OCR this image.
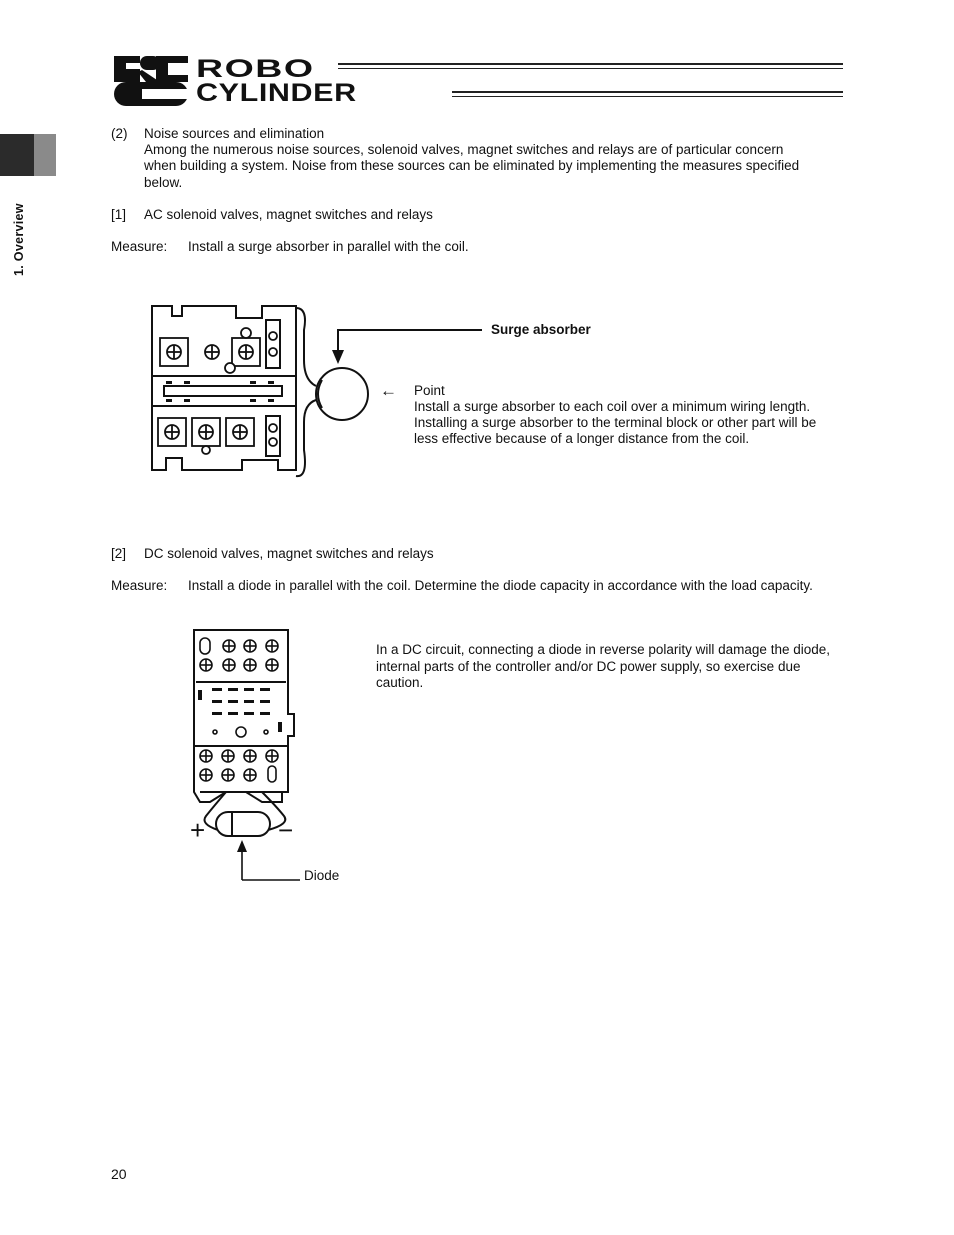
ROBO
CYLINDER
1. Overview
(2) Noise sources and elimination
Among the numerous noise sources, solenoid valves, magnet switches and relays are of particular concern
when building a system. Noise from these sources can be eliminated by implementing the measures specified
below.
[1] AC solenoid valves, magnet switches and relays
Measure: Install a surge absorber in parallel with the coil.
Surge absorber
← Point
Install a surge absorber to each coil over a minimum wiring length.
Installing a surge absorber to the terminal block or other part will be
less effective because of a longer distance from the coil.
[2] DC solenoid valves, magnet switches and relays
Measure: Install a diode in parallel with the coil. Determine the diode capacity in accordance with the load capacity.
+	−
Diode
In a DC circuit, connecting a diode in reverse polarity will damage the diode,
internal parts of the controller and/or DC power supply, so exercise due
caution.
20
